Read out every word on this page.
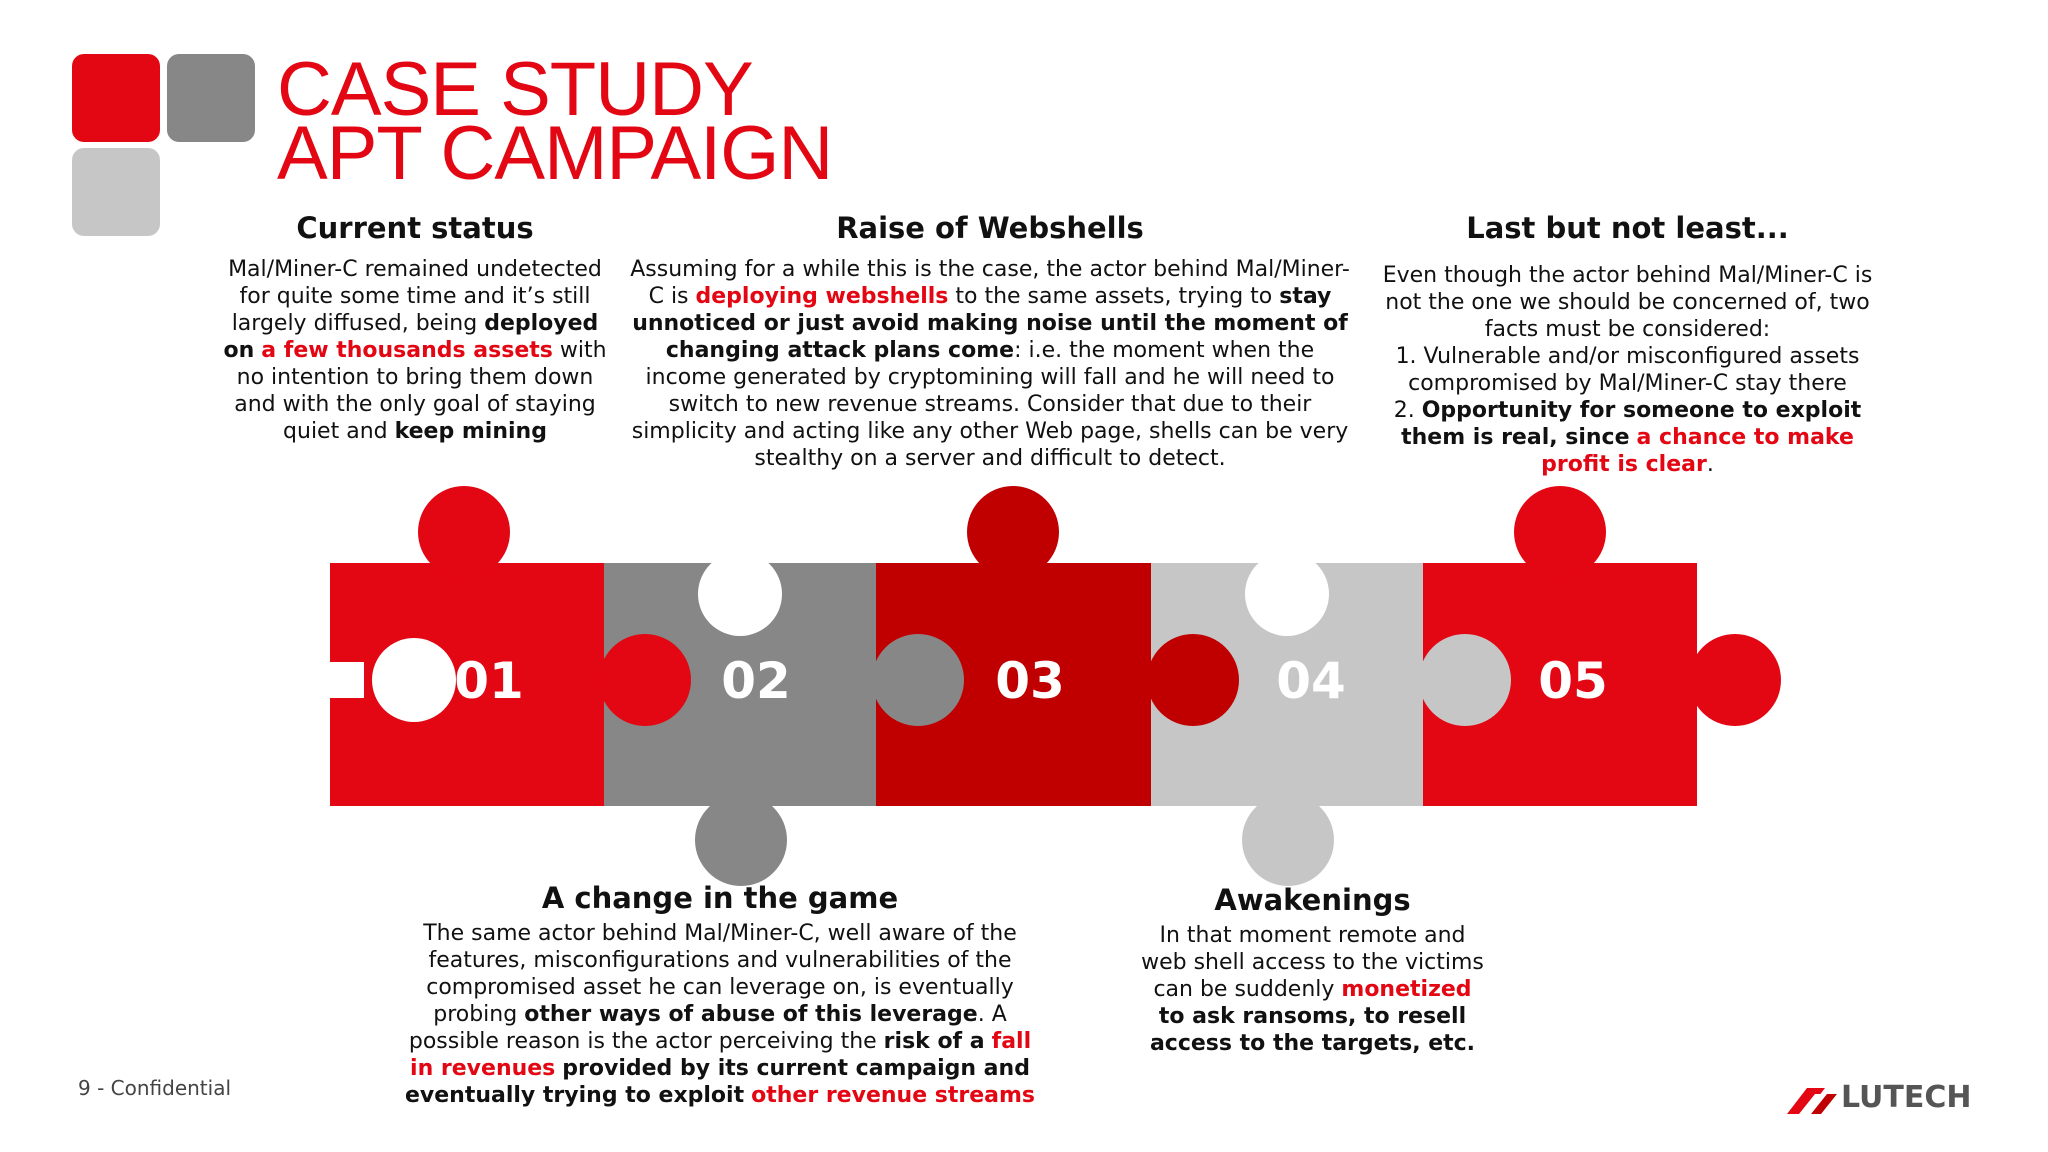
CASE STUDY
APT CAMPAIGN
Current status

Mal/Miner-C remained undetected for quite some time and it’s still largely diffused, being deployed on a few thousands assets with no intention to bring them down and with the only goal of staying quiet and keep mining

Raise of Webshells

Assuming for a while this is the case, the actor behind Mal/Miner-C is deploying webshells to the same assets, trying to stay unnoticed or just avoid making noise until the moment of changing attack plans come: i.e. the moment when the income generated by cryptomining will fall and he will need to switch to new revenue streams. Consider that due to their simplicity and acting like any other Web page, shells can be very stealthy on a server and difficult to detect.

Last but not least...

Even though the actor behind Mal/Miner-C is not the one we should be concerned of, two facts must be considered:
1. Vulnerable and/or misconfigured assets compromised by Mal/Miner-C stay there
2. Opportunity for someone to exploit them is real, since a chance to make profit is clear.

01	02	03	04	05
A change in the game

The same actor behind Mal/Miner-C, well aware of the features, misconfigurations and vulnerabilities of the compromised asset he can leverage on, is eventually probing other ways of abuse of this leverage. A possible reason is the actor perceiving the risk of a fall in revenues provided by its current campaign and eventually trying to exploit other revenue streams

Awakenings

In that moment remote and web shell access to the victims can be suddenly monetized to ask ransoms, to resell access to the targets, etc.

9 - Confidential	LUTECH
